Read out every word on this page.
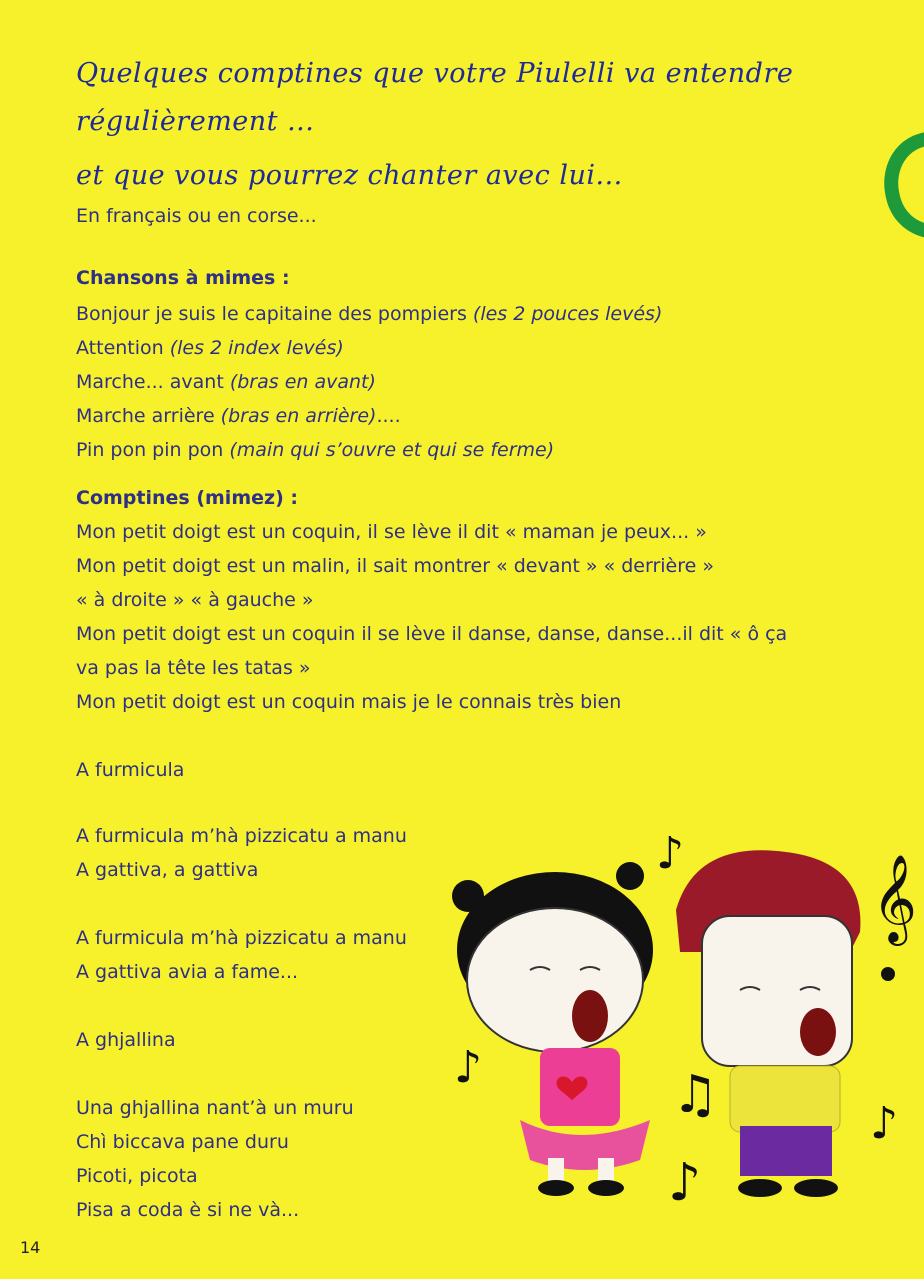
Quelques comptines que votre Piulelli va entendre
régulièrement ...
et que vous pourrez chanter avec lui...
En français ou en corse...
Chansons à mimes :
Bonjour je suis le capitaine des pompiers (les 2 pouces levés)
Attention (les 2 index levés)
Marche... avant (bras en avant)
Marche arrière (bras en arrière)....
Pin pon pin pon (main qui s’ouvre et qui se ferme)
Comptines (mimez) :
Mon petit doigt est un coquin, il se lève il dit « maman je peux... »
Mon petit doigt est un malin, il sait montrer « devant » « derrière »
« à droite » « à gauche »
Mon petit doigt est un coquin il se lève il danse, danse, danse...il dit « ô ça
va pas la tête les tatas »
Mon petit doigt est un coquin mais je le connais très bien
A furmicula
A furmicula m’hà pizzicatu a manu
A gattiva, a gattiva
A furmicula m’hà pizzicatu a manu
A gattiva avia a fame...
A ghjallina
Una ghjallina nant’à un muru
Chì biccava pane duru
Picoti, picota
Pisa a coda è si ne và...
14
♪
♪	♫
♪
♪
𝄞
